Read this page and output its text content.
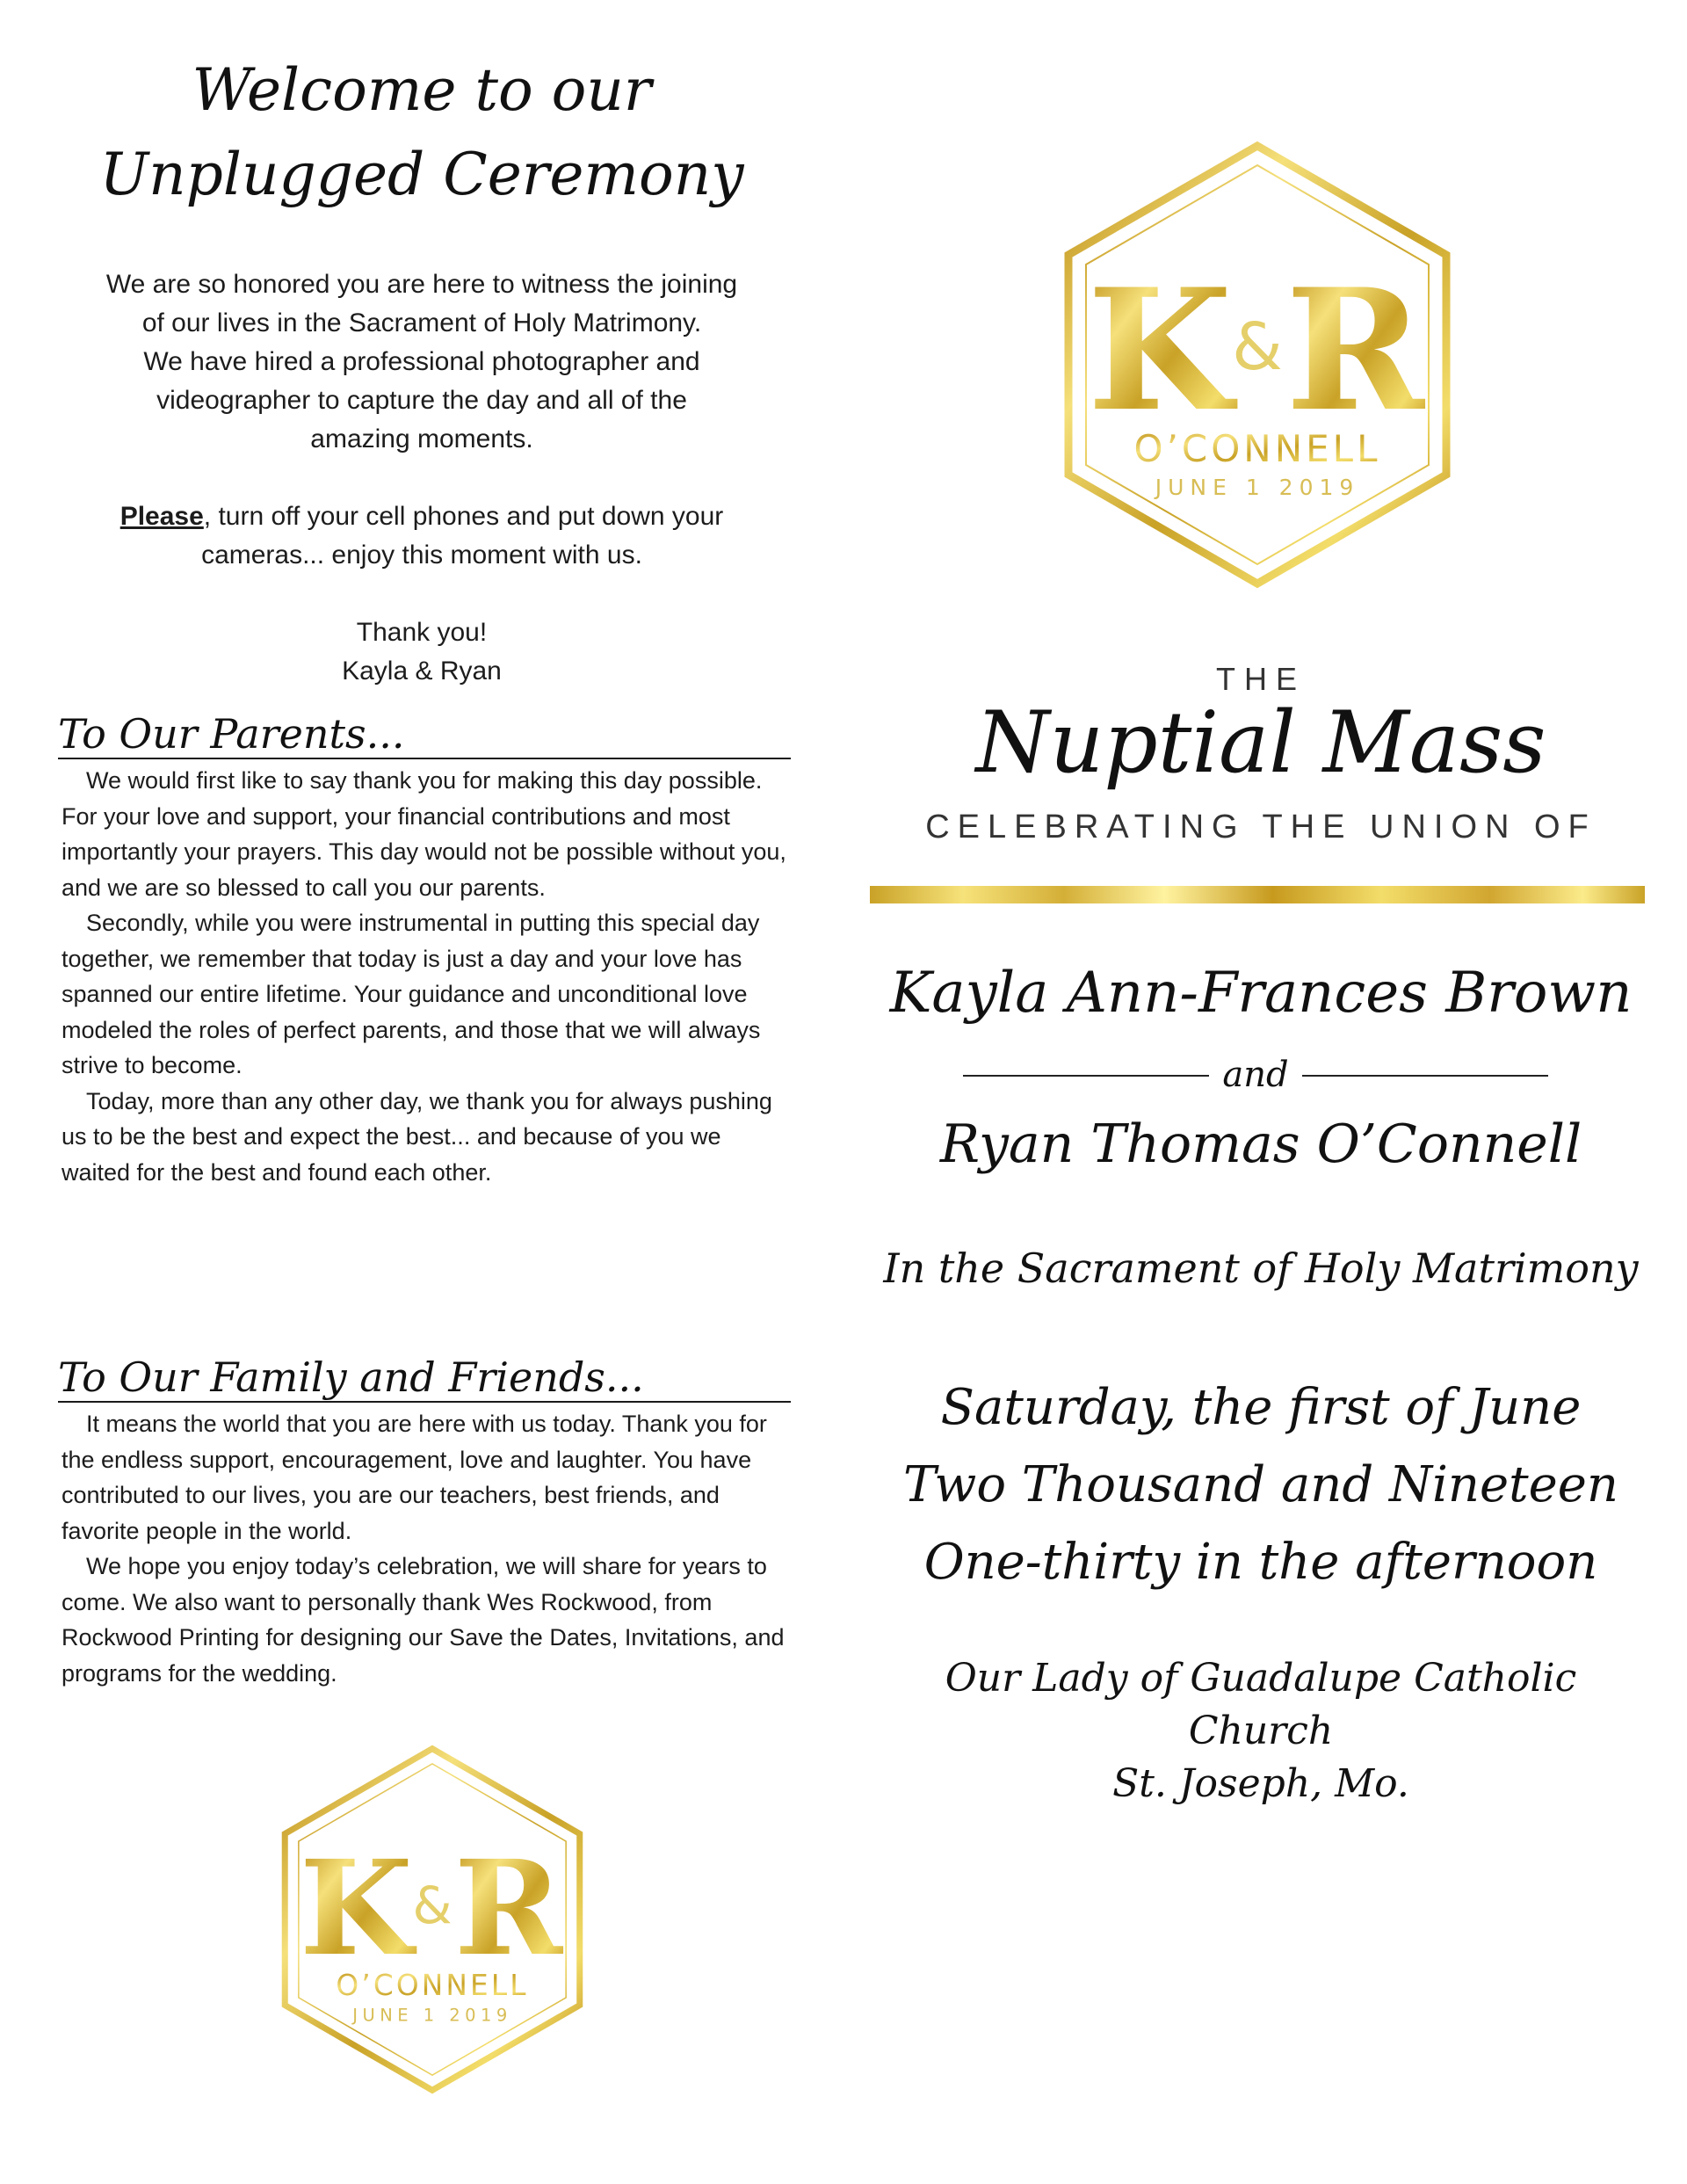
Welcome to our
Unplugged Ceremony

We are so honored you are here to witness the joining
of our lives in the Sacrament of Holy Matrimony.
We have hired a professional photographer and
videographer to capture the day and all of the
amazing moments.

Please, turn off your cell phones and put down your
cameras... enjoy this moment with us.

Thank you!
Kayla & Ryan

To Our Parents...

We would first like to say thank you for making this day possible. For your love and support, your financial contributions and most importantly your prayers. This day would not be possible without you, and we are so blessed to call you our parents.

Secondly, while you were instrumental in putting this special day together, we remember that today is just a day and your love has spanned our entire lifetime. Your guidance and unconditional love modeled the roles of perfect parents, and those that we will always strive to become.

Today, more than any other day, we thank you for always pushing us to be the best and expect the best... and because of you we waited for the best and found each other.

To Our Family and Friends...

It means the world that you are here with us today. Thank you for the endless support, encouragement, love and laughter. You have contributed to our lives, you are our teachers, best friends, and favorite people in the world.

We hope you enjoy today’s celebration, we will share for years to come. We also want to personally thank Wes Rockwood, from Rockwood Printing for designing our Save the Dates, Invitations, and programs for the wedding.

K & R
O’CONNELL
JUNE 1 2019
K & R
O’CONNELL
JUNE 1 2019
THE
Nuptial Mass
CELEBRATING THE UNION OF
Kayla Ann-Frances Brown
and
Ryan Thomas O’Connell
In the Sacrament of Holy Matrimony
Saturday, the first of June
Two Thousand and Nineteen
One-thirty in the afternoon
Our Lady of Guadalupe Catholic Church
St. Joseph, Mo.
